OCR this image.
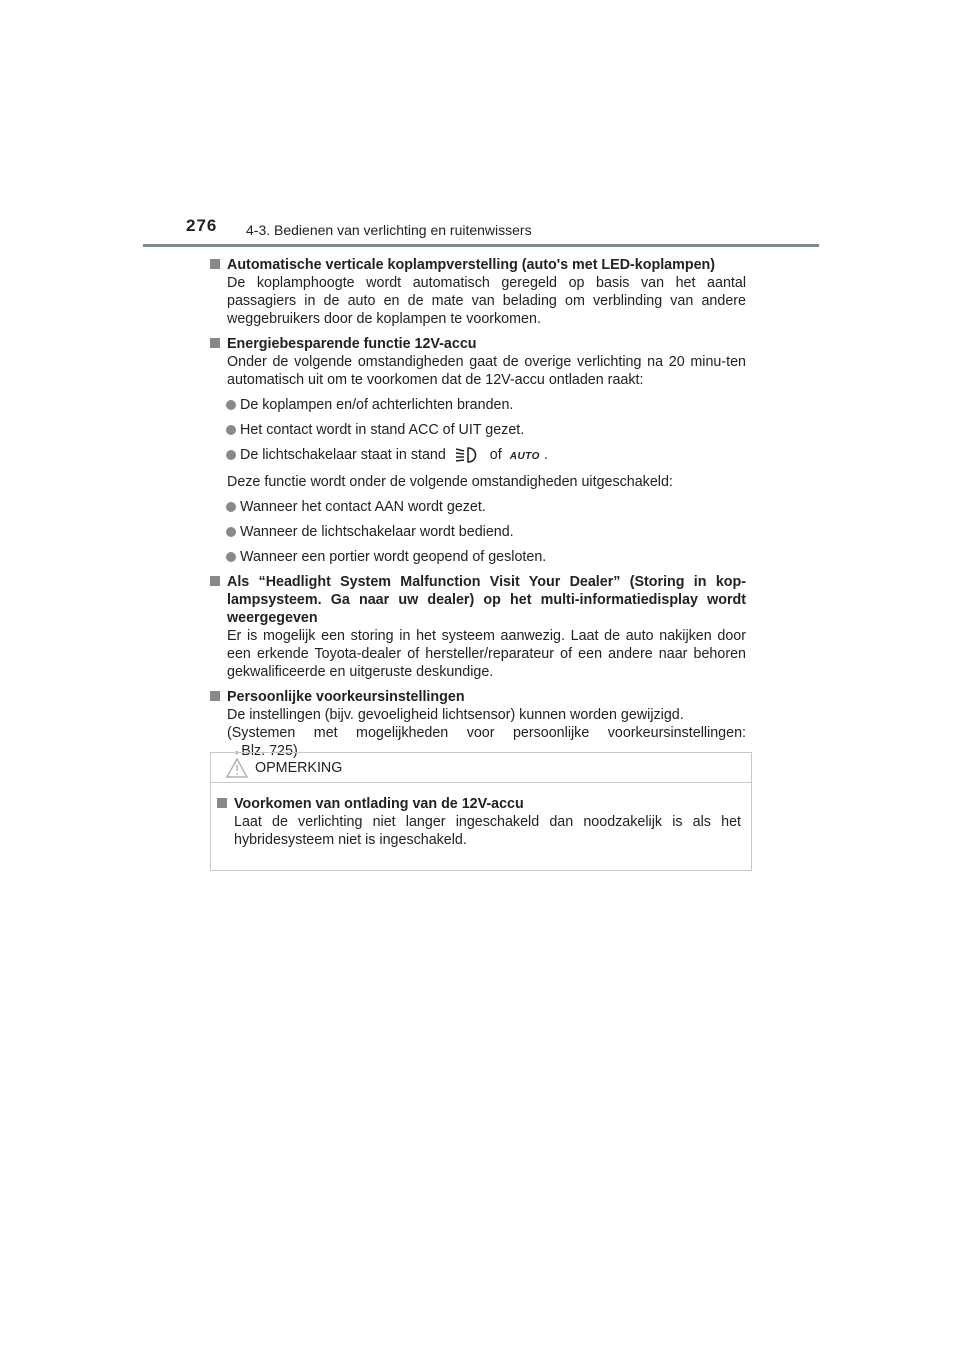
276 4-3. Bedienen van verlichting en ruitenwissers
Automatische verticale koplampverstelling (auto's met LED-koplampen)
De koplamphoogte wordt automatisch geregeld op basis van het aantal passagiers in de auto en de mate van belading om verblinding van andere weggebruikers door de koplampen te voorkomen.
Energiebesparende functie 12V-accu
Onder de volgende omstandigheden gaat de overige verlichting na 20 minu-ten automatisch uit om te voorkomen dat de 12V-accu ontladen raakt:
De koplampen en/of achterlichten branden.
Het contact wordt in stand ACC of UIT gezet.
De lichtschakelaar staat in stand	of AUTO .
Deze functie wordt onder de volgende omstandigheden uitgeschakeld:
Wanneer het contact AAN wordt gezet.
Wanneer de lichtschakelaar wordt bediend.
Wanneer een portier wordt geopend of gesloten.
Als “Headlight System Malfunction Visit Your Dealer” (Storing in kop-lampsysteem. Ga naar uw dealer) op het multi-informatiedisplay wordt weergegeven
Er is mogelijk een storing in het systeem aanwezig. Laat de auto nakijken door een erkende Toyota-dealer of hersteller/reparateur of een andere naar behoren gekwalificeerde en uitgeruste deskundige.
Persoonlijke voorkeursinstellingen
De instellingen (bijv. gevoeligheid lichtsensor) kunnen worden gewijzigd.
(Systemen met mogelijkheden voor persoonlijke voorkeursinstellingen:
→Blz. 725)
OPMERKING
Voorkomen van ontlading van de 12V-accu
Laat de verlichting niet langer ingeschakeld dan noodzakelijk is als het hybridesysteem niet is ingeschakeld.
